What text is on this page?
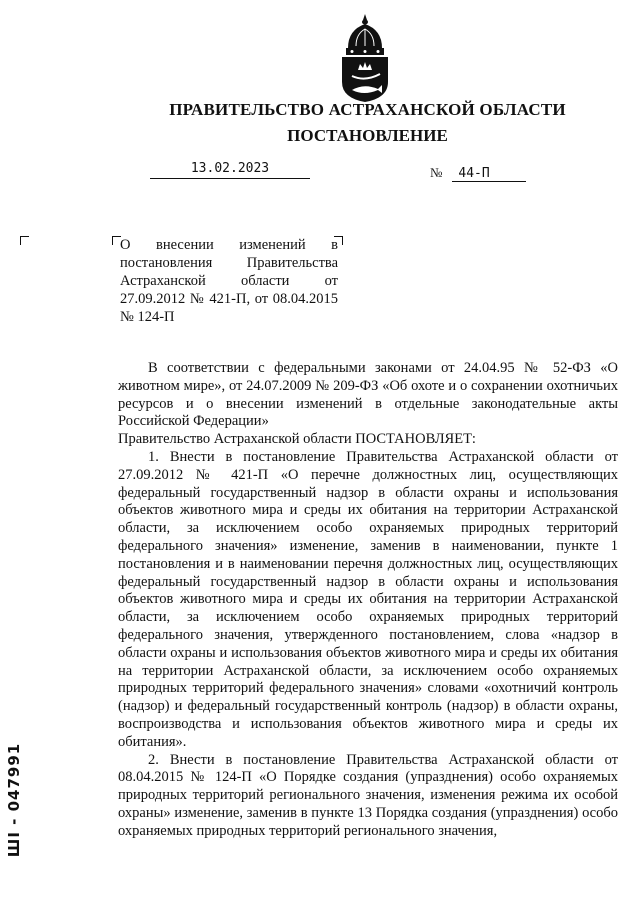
ПРАВИТЕЛЬСТВО АСТРАХАНСКОЙ ОБЛАСТИ
ПОСТАНОВЛЕНИЕ
13.02.2023	№ 44-П
О внесении изменений в постановления Правительства Астраханской области от 27.09.2012 № 421-П, от 08.04.2015 № 124-П

В соответствии с федеральными законами от 24.04.95 № 52-ФЗ «О животном мире», от 24.07.2009 № 209-ФЗ «Об охоте и о сохранении охотничьих ресурсов и о внесении изменений в отдельные законодательные акты Российской Федерации»

Правительство Астраханской области ПОСТАНОВЛЯЕТ:

1. Внести в постановление Правительства Астраханской области от 27.09.2012 № 421-П «О перечне должностных лиц, осуществляющих федеральный государственный надзор в области охраны и использования объектов животного мира и среды их обитания на территории Астраханской области, за исключением особо охраняемых природных территорий федерального значения» изменение, заменив в наименовании, пункте 1 постановления и в наименовании перечня должностных лиц, осуществляющих федеральный государственный надзор в области охраны и использования объектов животного мира и среды их обитания на территории Астраханской области, за исключением особо охраняемых природных территорий федерального значения, утвержденного постановлением, слова «надзор в области охраны и использования объектов животного мира и среды их обитания на территории Астраханской области, за исключением особо охраняемых природных территорий федерального значения» словами «охотничий контроль (надзор) и федеральный государственный контроль (надзор) в области охраны, воспроизводства и использования объектов животного мира и среды их обитания».

2. Внести в постановление Правительства Астраханской области от 08.04.2015 № 124-П «О Порядке создания (упразднения) особо охраняемых природных территорий регионального значения, изменения режима их особой охраны» изменение, заменив в пункте 13 Порядка создания (упразднения) особо охраняемых природных территорий регионального значения,

ШI - 047991
